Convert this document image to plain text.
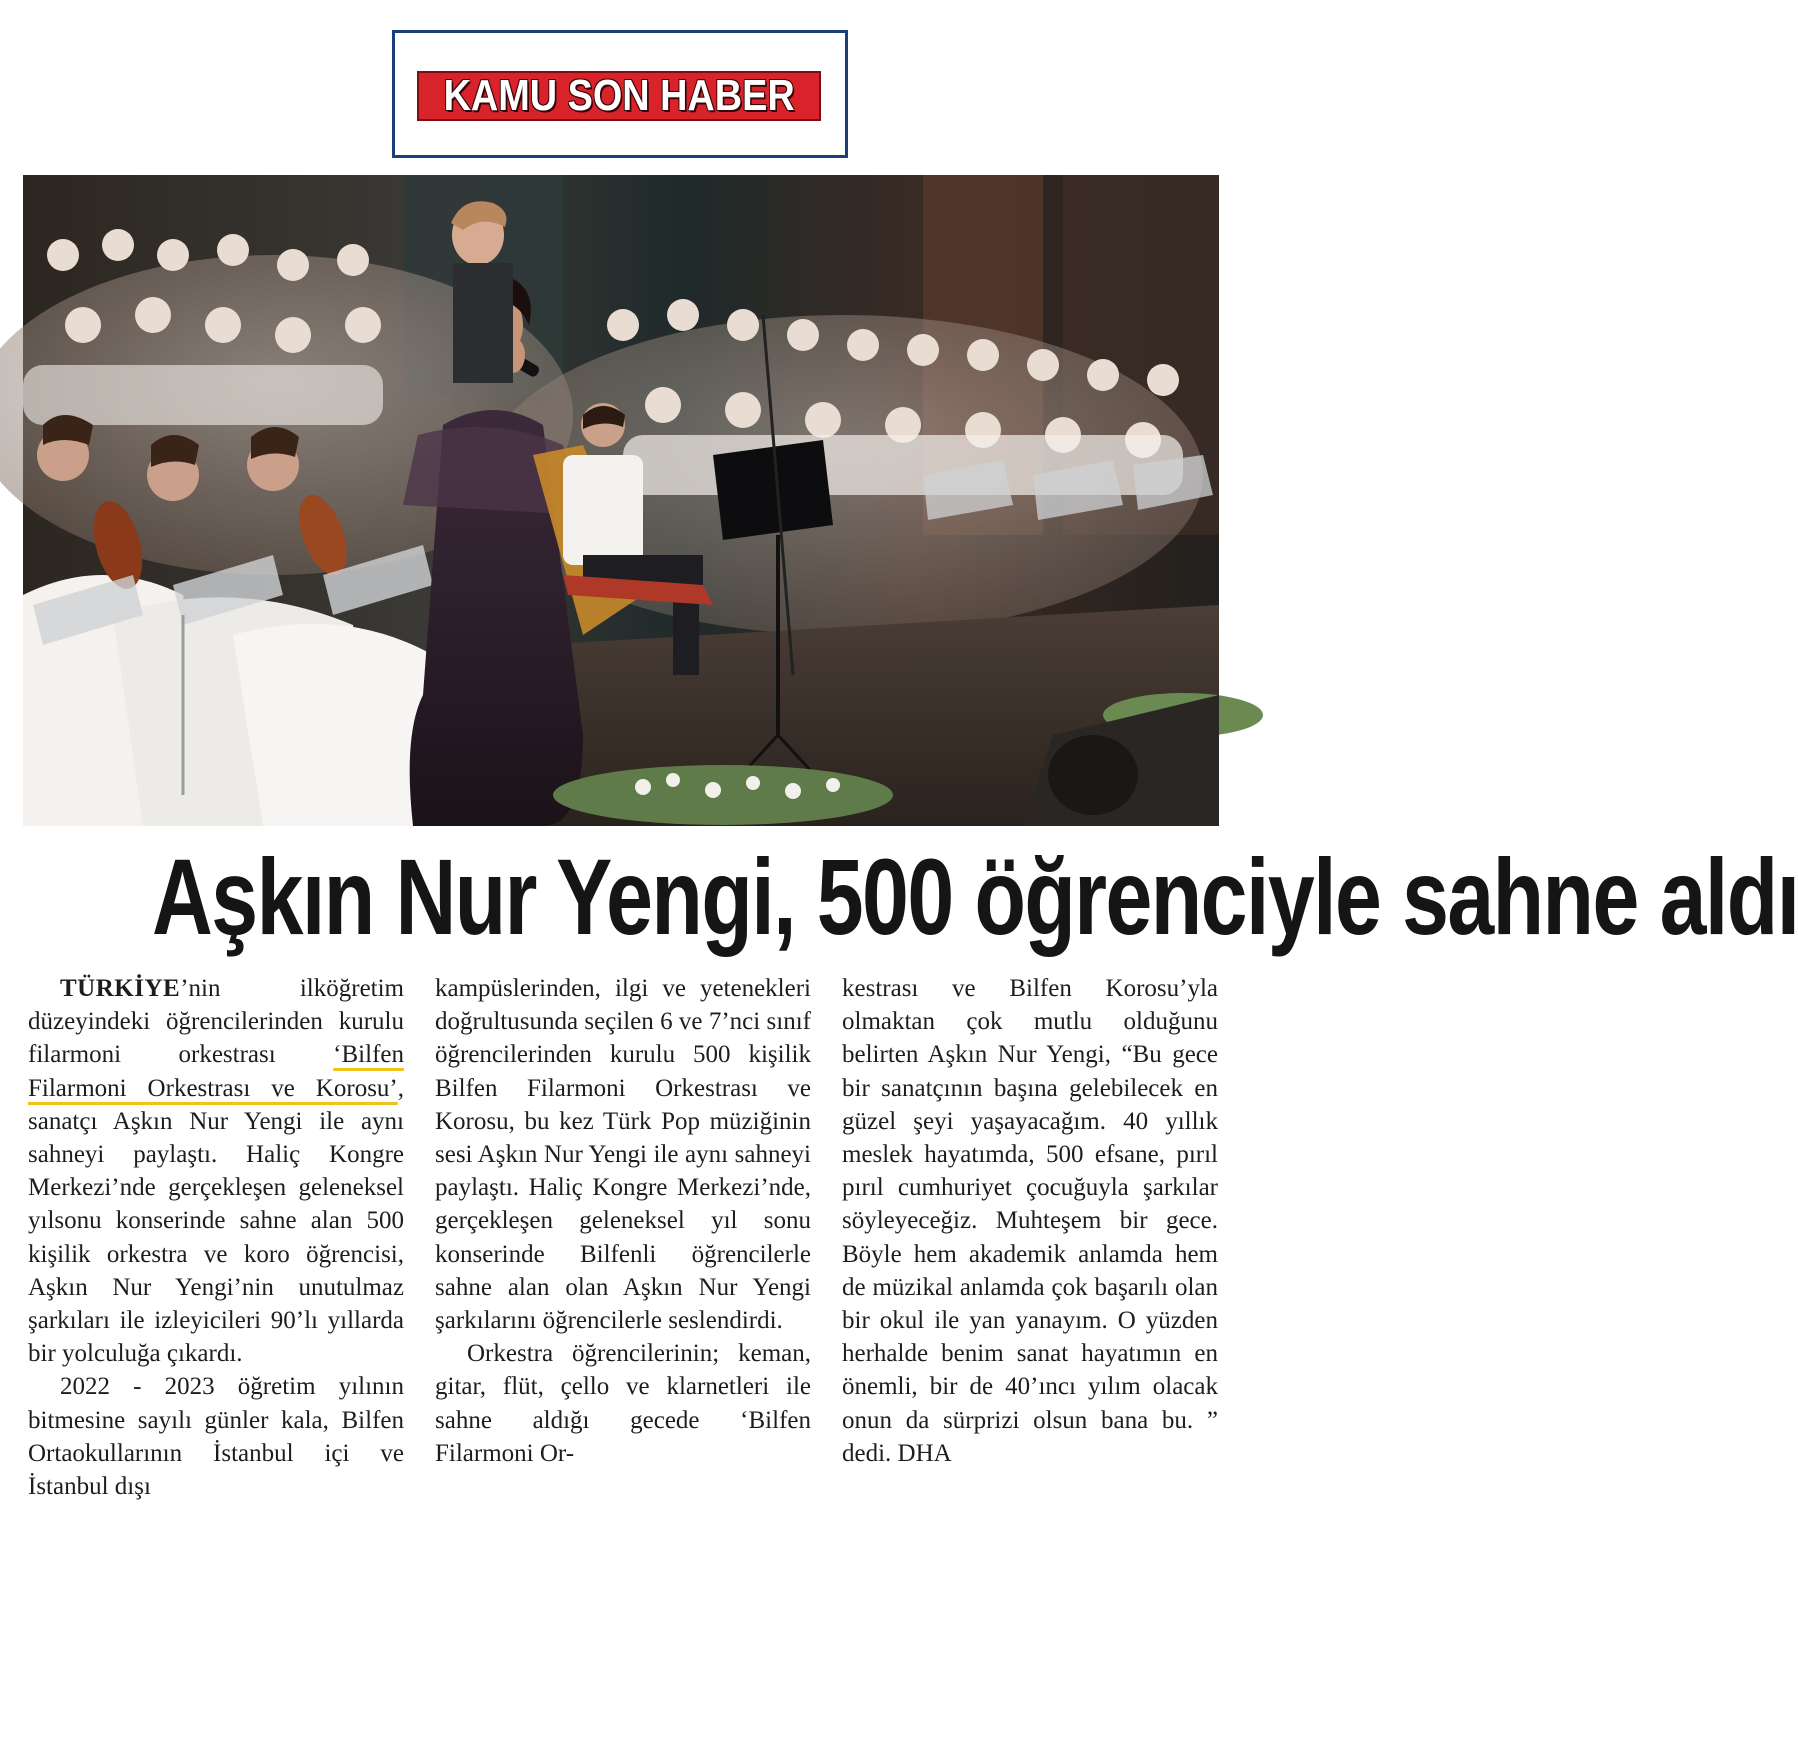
KAMU SON HABER
Aşkın Nur Yengi, 500 öğrenciyle sahne aldı

TÜRKİYE’nin ilköğretim düzeyindeki öğrencilerinden kurulu filarmoni orkestrası ‘Bilfen Filarmoni Orkestrası ve Korosu’, sanatçı Aşkın Nur Yengi ile aynı sahneyi paylaştı. Haliç Kongre Merkezi’nde gerçekleşen geleneksel yılsonu konserinde sahne alan 500 kişilik orkestra ve koro öğrencisi, Aşkın Nur Yengi’nin unutulmaz şarkıları ile izleyicileri 90’lı yıllarda bir yolculuğa çıkardı.

2022 - 2023 öğretim yılının bitmesine sayılı günler kala, Bilfen Ortaokullarının İstanbul içi ve İstanbul dışı

kampüslerinden, ilgi ve yetenekleri doğrultusunda seçilen 6 ve 7’nci sınıf öğrencilerinden kurulu 500 kişilik Bilfen Filarmoni Orkestrası ve Korosu, bu kez Türk Pop müziğinin sesi Aşkın Nur Yengi ile aynı sahneyi paylaştı. Haliç Kongre Merkezi’nde, gerçekleşen geleneksel yıl sonu konserinde Bilfenli öğrencilerle sahne alan olan Aşkın Nur Yengi şarkılarını öğrencilerle seslendirdi.

Orkestra öğrencilerinin; keman, gitar, flüt, çello ve klarnetleri ile sahne aldığı gecede ‘Bilfen Filarmoni Or-

kestrası ve Bilfen Korosu’yla olmaktan çok mutlu olduğunu belirten Aşkın Nur Yengi, “Bu gece bir sanatçının başına gelebilecek en güzel şeyi yaşayacağım. 40 yıllık meslek hayatımda, 500 efsane, pırıl pırıl cumhuriyet çocuğuyla şarkılar söyleyeceğiz. Muhteşem bir gece. Böyle hem akademik anlamda hem de müzikal anlamda çok başarılı olan bir okul ile yan yanayım. O yüzden herhalde benim sanat hayatımın en önemli, bir de 40’ıncı yılım olacak onun da sürprizi olsun bana bu. ” dedi. DHA
